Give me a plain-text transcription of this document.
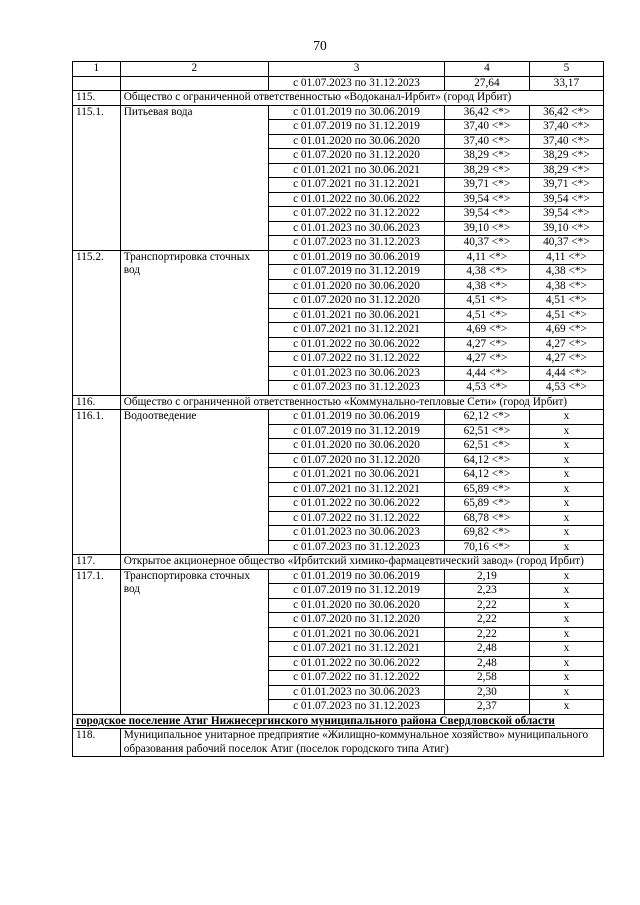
70
1	2	3	4	5
		с 01.07.2023 по 31.12.2023	27,64	33,17
115.	Общество с ограниченной ответственностью «Водоканал-Ирбит» (город Ирбит)			
115.1.	Питьевая вода	с 01.01.2019 по 30.06.2019	36,42 <*>	36,42 <*>
		с 01.07.2019 по 31.12.2019	37,40 <*>	37,40 <*>
		с 01.01.2020 по 30.06.2020	37,40 <*>	37,40 <*>
		с 01.07.2020 по 31.12.2020	38,29 <*>	38,29 <*>
		с 01.01.2021 по 30.06.2021	38,29 <*>	38,29 <*>
		с 01.07.2021 по 31.12.2021	39,71 <*>	39,71 <*>
		с 01.01.2022 по 30.06.2022	39,54 <*>	39,54 <*>
		с 01.07.2022 по 31.12.2022	39,54 <*>	39,54 <*>
		с 01.01.2023 по 30.06.2023	39,10 <*>	39,10 <*>
		с 01.07.2023 по 31.12.2023	40,37 <*>	40,37 <*>
115.2.	Транспортировка сточных вод	с 01.01.2019 по 30.06.2019	4,11 <*>	4,11 <*>
		с 01.07.2019 по 31.12.2019	4,38 <*>	4,38 <*>
		с 01.01.2020 по 30.06.2020	4,38 <*>	4,38 <*>
		с 01.07.2020 по 31.12.2020	4,51 <*>	4,51 <*>
		с 01.01.2021 по 30.06.2021	4,51 <*>	4,51 <*>
		с 01.07.2021 по 31.12.2021	4,69 <*>	4,69 <*>
		с 01.01.2022 по 30.06.2022	4,27 <*>	4,27 <*>
		с 01.07.2022 по 31.12.2022	4,27 <*>	4,27 <*>
		с 01.01.2023 по 30.06.2023	4,44 <*>	4,44 <*>
		с 01.07.2023 по 31.12.2023	4,53 <*>	4,53 <*>
116.	Общество с ограниченной ответственностью «Коммунально-тепловые Сети» (город Ирбит)			
116.1.	Водоотведение	с 01.01.2019 по 30.06.2019	62,12 <*>	х
		с 01.07.2019 по 31.12.2019	62,51 <*>	х
		с 01.01.2020 по 30.06.2020	62,51 <*>	х
		с 01.07.2020 по 31.12.2020	64,12 <*>	х
		с 01.01.2021 по 30.06.2021	64,12 <*>	х
		с 01.07.2021 по 31.12.2021	65,89 <*>	х
		с 01.01.2022 по 30.06.2022	65,89 <*>	х
		с 01.07.2022 по 31.12.2022	68,78 <*>	х
		с 01.01.2023 по 30.06.2023	69,82 <*>	х
		с 01.07.2023 по 31.12.2023	70,16 <*>	х
117.	Открытое акционерное общество «Ирбитский химико-фармацевтический завод» (город Ирбит)			
117.1.	Транспортировка сточных вод	с 01.01.2019 по 30.06.2019	2,19	х
		с 01.07.2019 по 31.12.2019	2,23	х
		с 01.01.2020 по 30.06.2020	2,22	х
		с 01.07.2020 по 31.12.2020	2,22	х
		с 01.01.2021 по 30.06.2021	2,22	х
		с 01.07.2021 по 31.12.2021	2,48	х
		с 01.01.2022 по 30.06.2022	2,48	х
		с 01.07.2022 по 31.12.2022	2,58	х
		с 01.01.2023 по 30.06.2023	2,30	х
		с 01.07.2023 по 31.12.2023	2,37	х
городское поселение Атиг Нижнесергинского муниципального района Свердловской области				
118.	Муниципальное унитарное предприятие «Жилищно-коммунальное хозяйство» муниципального образования рабочий поселок Атиг (поселок городского типа Атиг)			
